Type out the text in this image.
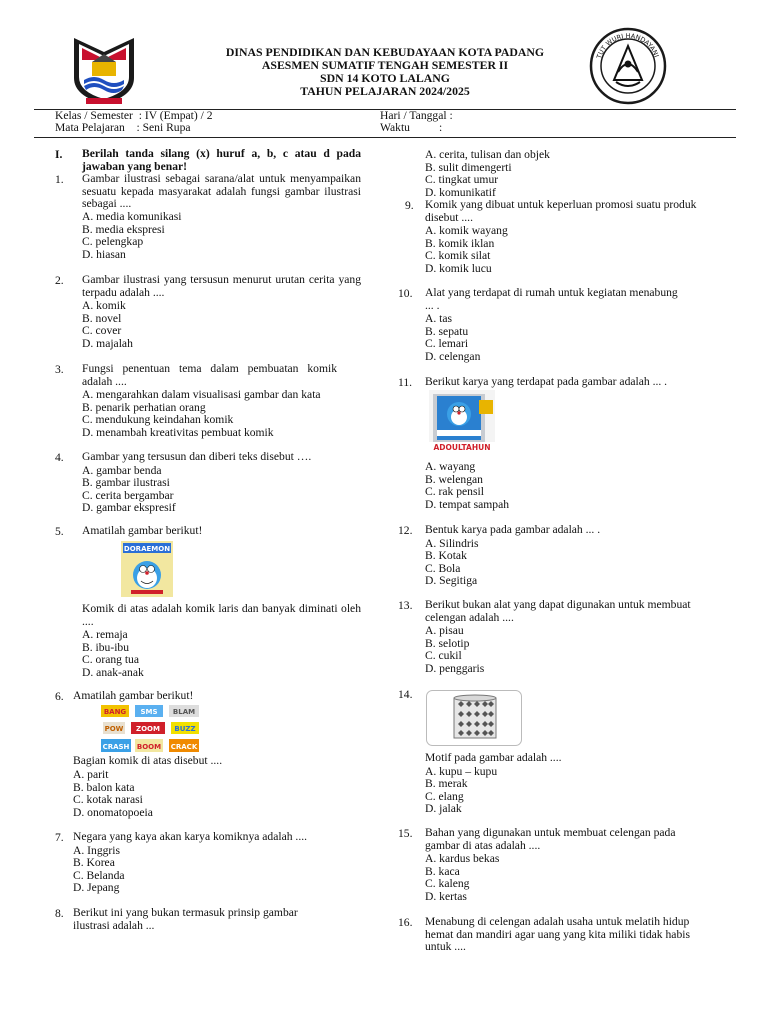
TUT WURI HANDAYANI
DINAS PENDIDIKAN DAN KEBUDAYAAN KOTA PADANG
ASESMEN SUMATIF TENGAH SEMESTER II
SDN 14 KOTO LALANG
TAHUN PELAJARAN 2024/2025
Kelas / Semester  : IV (Empat) / 2
Mata Pelajaran    : Seni Rupa
Hari / Tanggal :
Waktu          :
I. Berilah tanda silang (x) huruf a, b, c atau d pada jawaban yang benar!
1. Gambar ilustrasi sebagai sarana/alat untuk menyampaikan sesuatu kepada masyarakat adalah fungsi gambar ilustrasi sebagai ....
A. media komunikasi
B. media ekspresi
C. pelengkap
D. hiasan
2. Gambar ilustrasi yang tersusun menurut urutan cerita yang terpadu adalah ....
A. komik
B. novel
C. cover
D. majalah
3. Fungsi penentuan tema dalam pembuatan komik adalah ....
A. mengarahkan dalam visualisasi gambar dan kata
B. penarik perhatian orang
C. mendukung keindahan komik
D. menambah kreativitas pembuat komik
4. Gambar yang tersusun dan diberi teks disebut ….
A. gambar benda
B. gambar ilustrasi
C. cerita bergambar
D. gambar ekspresif
5. Amatilah gambar berikut!
DORAEMON
Komik di atas adalah komik laris dan banyak diminati oleh ....
A. remaja
B. ibu-ibu
C. orang tua
D. anak-anak
6. Amatilah gambar berikut!
BANG SMS BLAM
POW ZOOM BUZZ
CRASH BOOM CRACK
Bagian komik di atas disebut ....
A. parit
B. balon kata
C. kotak narasi
D. onomatopoeia
7. Negara yang kaya akan karya komiknya adalah ....
A. Inggris
B. Korea
C. Belanda
D. Jepang
8. Berikut ini yang bukan termasuk prinsip gambar ilustrasi adalah ...
A. cerita, tulisan dan objek
B. sulit dimengerti
C. tingkat umur
D. komunikatif
9. Komik yang dibuat untuk keperluan promosi suatu produk disebut ....
A. komik wayang
B. komik iklan
C. komik silat
D. komik lucu
10. Alat yang terdapat di rumah untuk kegiatan menabung ... .
A. tas
B. sepatu
C. lemari
D. celengan
11. Berikut karya yang terdapat pada gambar adalah ... .
ADOULTAHUN
A. wayang
B. welengan
C. rak pensil
D. tempat sampah
12. Bentuk karya pada gambar adalah ... .
A. Silindris
B. Kotak
C. Bola
D. Segitiga
13. Berikut bukan alat yang dapat digunakan untuk membuat celengan adalah ....
A. pisau
B. selotip
C. cukil
D. penggaris
14.
Motif pada gambar adalah ....
A. kupu – kupu
B. merak
C. elang
D. jalak
15. Bahan yang digunakan untuk membuat celengan pada gambar di atas adalah ....
A. kardus bekas
B. kaca
C. kaleng
D. kertas
16. Menabung di celengan adalah usaha untuk melatih hidup hemat dan mandiri agar uang yang kita miliki tidak habis untuk ....
